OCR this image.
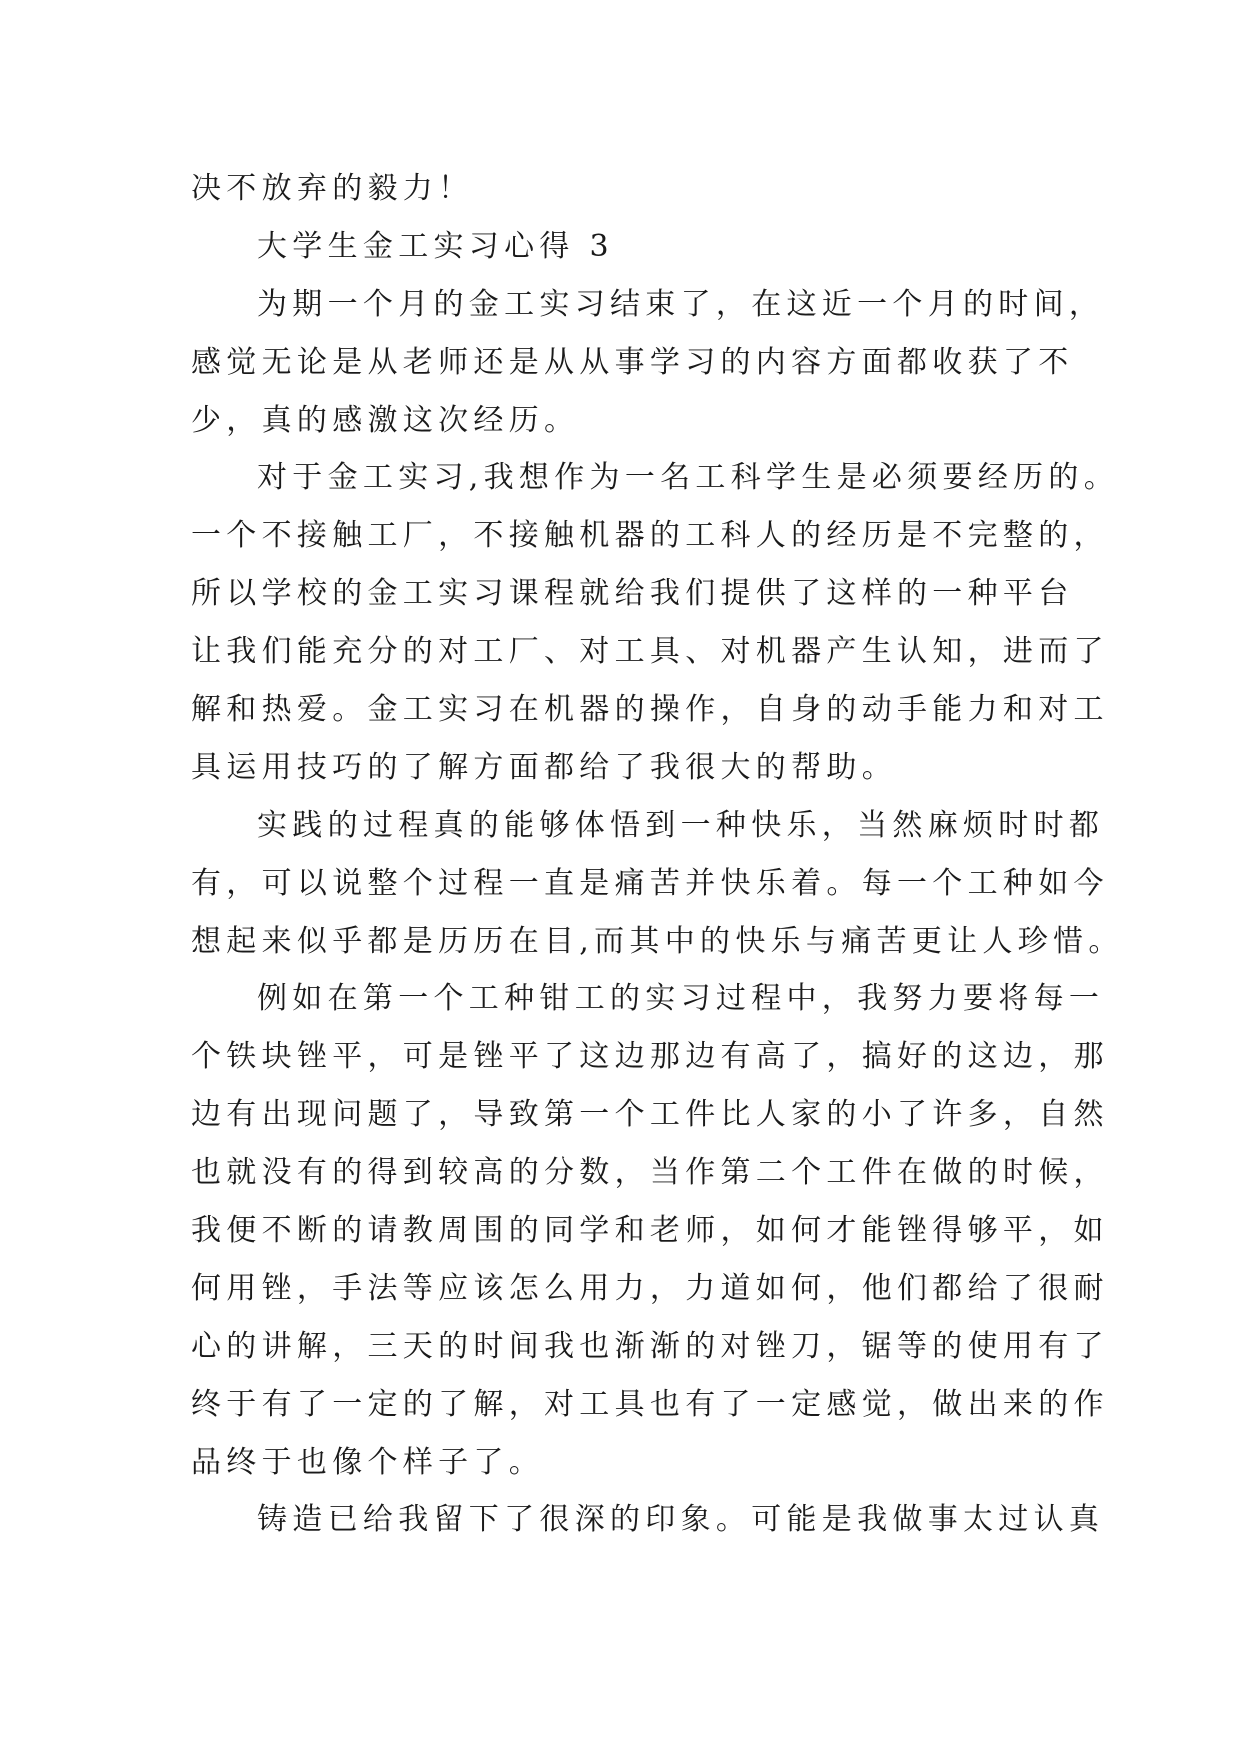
决不放弃的毅力！
大学生金工实习心得 3
为期一个月的金工实习结束了，在这近一个月的时间，
感觉无论是从老师还是从从事学习的内容方面都收获了不
少，真的感激这次经历。
对于金工实习,我想作为一名工科学生是必须要经历的。
一个不接触工厂，不接触机器的工科人的经历是不完整的，
所以学校的金工实习课程就给我们提供了这样的一种平台
让我们能充分的对工厂、对工具、对机器产生认知，进而了
解和热爱。金工实习在机器的操作，自身的动手能力和对工
具运用技巧的了解方面都给了我很大的帮助。
实践的过程真的能够体悟到一种快乐，当然麻烦时时都
有，可以说整个过程一直是痛苦并快乐着。每一个工种如今
想起来似乎都是历历在目,而其中的快乐与痛苦更让人珍惜。
例如在第一个工种钳工的实习过程中，我努力要将每一
个铁块锉平，可是锉平了这边那边有高了，搞好的这边，那
边有出现问题了，导致第一个工件比人家的小了许多，自然
也就没有的得到较高的分数，当作第二个工件在做的时候，
我便不断的请教周围的同学和老师，如何才能锉得够平，如
何用锉，手法等应该怎么用力，力道如何，他们都给了很耐
心的讲解，三天的时间我也渐渐的对锉刀，锯等的使用有了
终于有了一定的了解，对工具也有了一定感觉，做出来的作
品终于也像个样子了。
铸造已给我留下了很深的印象。可能是我做事太过认真
